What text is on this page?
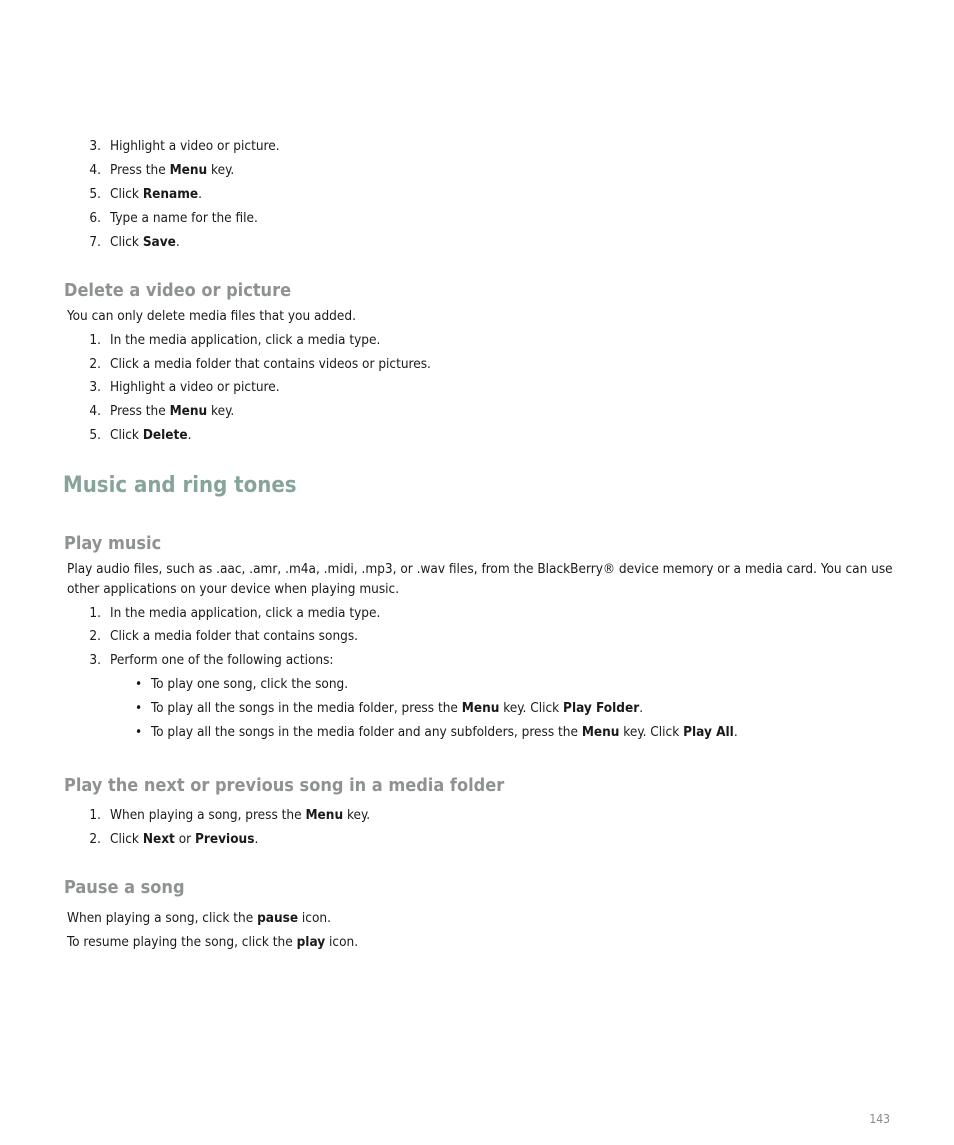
3. Highlight a video or picture.
4. Press the Menu key.
5. Click Rename.
6. Type a name for the file.
7. Click Save.
Delete a video or picture
You can only delete media files that you added.
1. In the media application, click a media type.
2. Click a media folder that contains videos or pictures.
3. Highlight a video or picture.
4. Press the Menu key.
5. Click Delete.
Music and ring tones
Play music
Play audio files, such as .aac, .amr, .m4a, .midi, .mp3, or .wav files, from the BlackBerry® device memory or a media card. You can use other applications on your device when playing music.
1. In the media application, click a media type.
2. Click a media folder that contains songs.
3. Perform one of the following actions:
• To play one song, click the song.
• To play all the songs in the media folder, press the Menu key. Click Play Folder.
• To play all the songs in the media folder and any subfolders, press the Menu key. Click Play All.
Play the next or previous song in a media folder
1. When playing a song, press the Menu key.
2. Click Next or Previous.
Pause a song
When playing a song, click the pause icon.
To resume playing the song, click the play icon.
143
